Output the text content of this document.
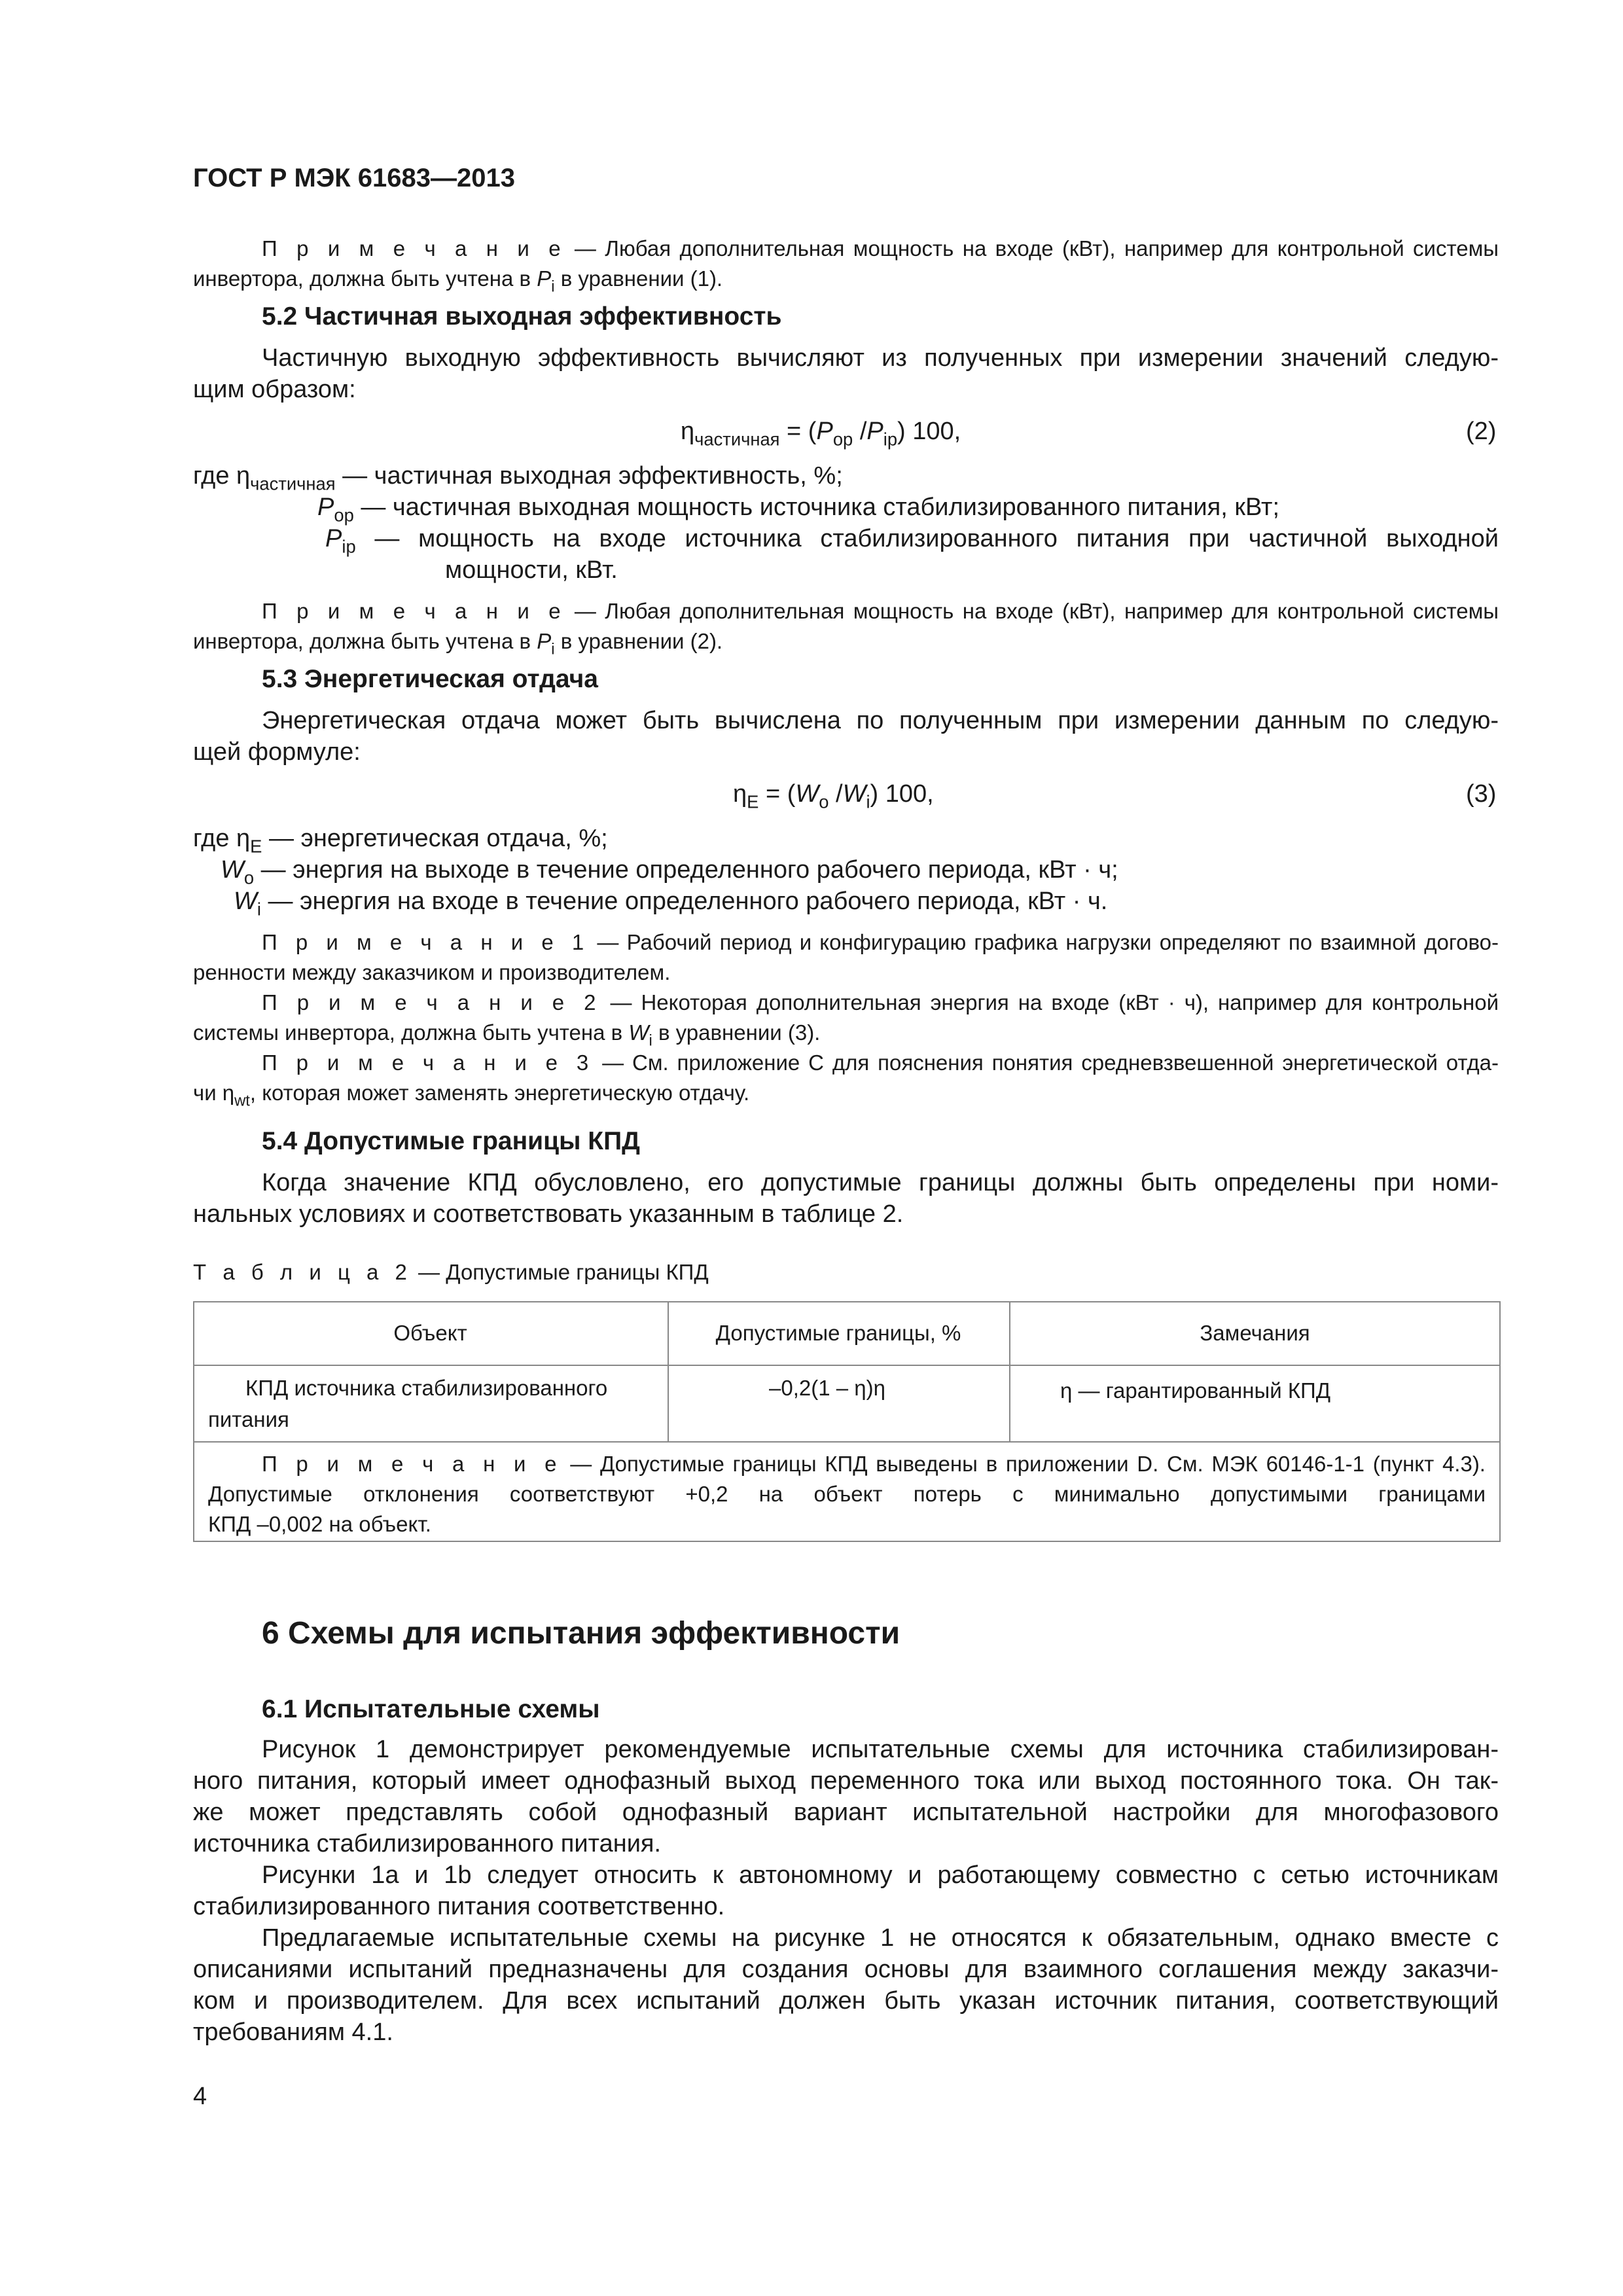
ГОСТ Р МЭК 61683—2013
П р и м е ч а н и е — Любая дополнительная мощность на входе (кВт), например для контрольной системы
инвертора, должна быть учтена в $P_i$ в уравнении (1).
5.2 Частичная выходная эффективность
Частичную выходную эффективность вычисляют из полученных при измерении значений следую-
щим образом:
$\eta_{частичная} = (P_{op}$ $/P_{ip}$) 100,	(2)
где $\eta_{частичная}$ — частичная выходная эффективность, %;
$P_{op}$ — частичная выходная мощность источника стабилизированного питания, кВт;
$P_{ip}$ — мощность на входе источника стабилизированного питания при частичной выходной
мощности, кВт.
П р и м е ч а н и е — Любая дополнительная мощность на входе (кВт), например для контрольной системы
инвертора, должна быть учтена в $P_i$ в уравнении (2).
5.3 Энергетическая отдача
Энергетическая отдача может быть вычислена по полученным при измерении данным по следую-
щей формуле:
$\eta_E = (W_o$ $/W_i$) 100,	(3)
где $\eta_E$ — энергетическая отдача, %;
$W_o$ — энергия на выходе в течение определенного рабочего периода, кВт · ч;
$W_i$ — энергия на входе в течение определенного рабочего периода, кВт · ч.
П р и м е ч а н и е 1 — Рабочий период и конфигурацию графика нагрузки определяют по взаимной догово-
ренности между заказчиком и производителем.
П р и м е ч а н и е 2 — Некоторая дополнительная энергия на входе (кВт · ч), например для контрольной
системы инвертора, должна быть учтена в $W_i$ в уравнении (3).
П р и м е ч а н и е 3 — См. приложение С для пояснения понятия средневзвешенной энергетической отда-
чи $\eta_{wt}$, которая может заменять энергетическую отдачу.
5.4 Допустимые границы КПД
Когда значение КПД обусловлено, его допустимые границы должны быть определены при номи-
нальных условиях и соответствовать указанным в таблице 2.
Т а б л и ц а 2 — Допустимые границы КПД
Объект	Допустимые границы, %	Замечания
КПД источника стабилизированного
питания
–0,2(1 – η)η	η — гарантированный КПД
П р и м е ч а н и е — Допустимые границы КПД выведены в приложении D. См. МЭК 60146-1-1 (пункт 4.3).
Допустимые отклонения соответствуют +0,2 на объект потерь с минимально допустимыми границами
КПД –0,002 на объект.
6 Схемы для испытания эффективности
6.1 Испытательные схемы
Рисунок 1 демонстрирует рекомендуемые испытательные схемы для источника стабилизирован-
ного питания, который имеет однофазный выход переменного тока или выход постоянного тока. Он так-
же может представлять собой однофазный вариант испытательной настройки для многофазового
источника стабилизированного питания.
Рисунки 1а и 1b следует относить к автономному и работающему совместно с сетью источникам
стабилизированного питания соответственно.
Предлагаемые испытательные схемы на рисунке 1 не относятся к обязательным, однако вместе с
описаниями испытаний предназначены для создания основы для взаимного соглашения между заказчи-
ком и производителем. Для всех испытаний должен быть указан источник питания, соответствующий
требованиям 4.1.
4
